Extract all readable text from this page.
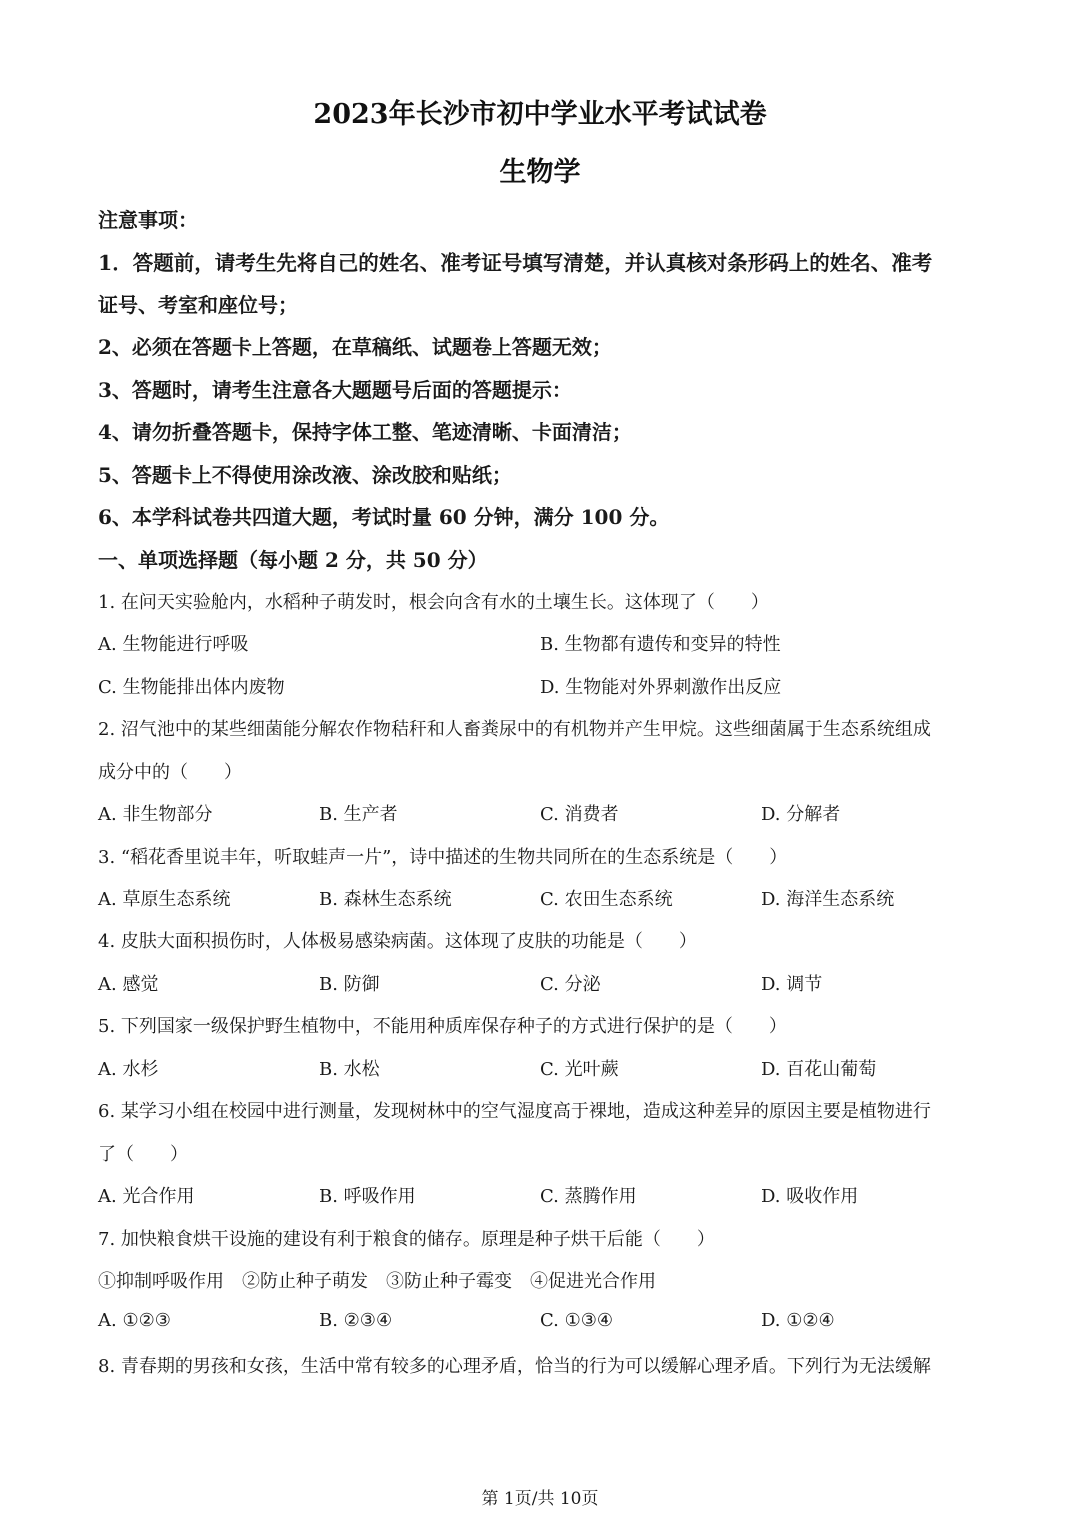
2023年长沙市初中学业水平考试试卷
生物学
注意事项：
1．答题前，请考生先将自己的姓名、准考证号填写清楚，并认真核对条形码上的姓名、准考
证号、考室和座位号；
2、必须在答题卡上答题，在草稿纸、试题卷上答题无效；
3、答题时，请考生注意各大题题号后面的答题提示：
4、请勿折叠答题卡，保持字体工整、笔迹清晰、卡面清洁；
5、答题卡上不得使用涂改液、涂改胶和贴纸；
6、本学科试卷共四道大题，考试时量 60 分钟，满分 100 分。
一、单项选择题（每小题 2 分，共 50 分）
1. 在问天实验舱内，水稻种子萌发时，根会向含有水的土壤生长。这体现了（　　）
A. 生物能进行呼吸	B. 生物都有遗传和变异的特性
C. 生物能排出体内废物	D. 生物能对外界刺激作出反应
2. 沼气池中的某些细菌能分解农作物秸秆和人畜粪尿中的有机物并产生甲烷。这些细菌属于生态系统组成
成分中的（　　）
A. 非生物部分	B. 生产者	C. 消费者	D. 分解者
3. “稻花香里说丰年，听取蛙声一片”，诗中描述的生物共同所在的生态系统是（　　）
A. 草原生态系统	B. 森林生态系统	C. 农田生态系统	D. 海洋生态系统
4. 皮肤大面积损伤时，人体极易感染病菌。这体现了皮肤的功能是（　　）
A. 感觉	B. 防御	C. 分泌	D. 调节
5. 下列国家一级保护野生植物中，不能用种质库保存种子的方式进行保护的是（　　）
A. 水杉	B. 水松	C. 光叶蕨	D. 百花山葡萄
6. 某学习小组在校园中进行测量，发现树林中的空气湿度高于裸地，造成这种差异的原因主要是植物进行
了（　　）
A. 光合作用	B. 呼吸作用	C. 蒸腾作用	D. 吸收作用
7. 加快粮食烘干设施的建设有利于粮食的储存。原理是种子烘干后能（　　）
①抑制呼吸作用　②防止种子萌发　③防止种子霉变　④促进光合作用
A. ①②③	B. ②③④	C. ①③④	D. ①②④
8. 青春期的男孩和女孩，生活中常有较多的心理矛盾，恰当的行为可以缓解心理矛盾。下列行为无法缓解
第 1页/共 10页
